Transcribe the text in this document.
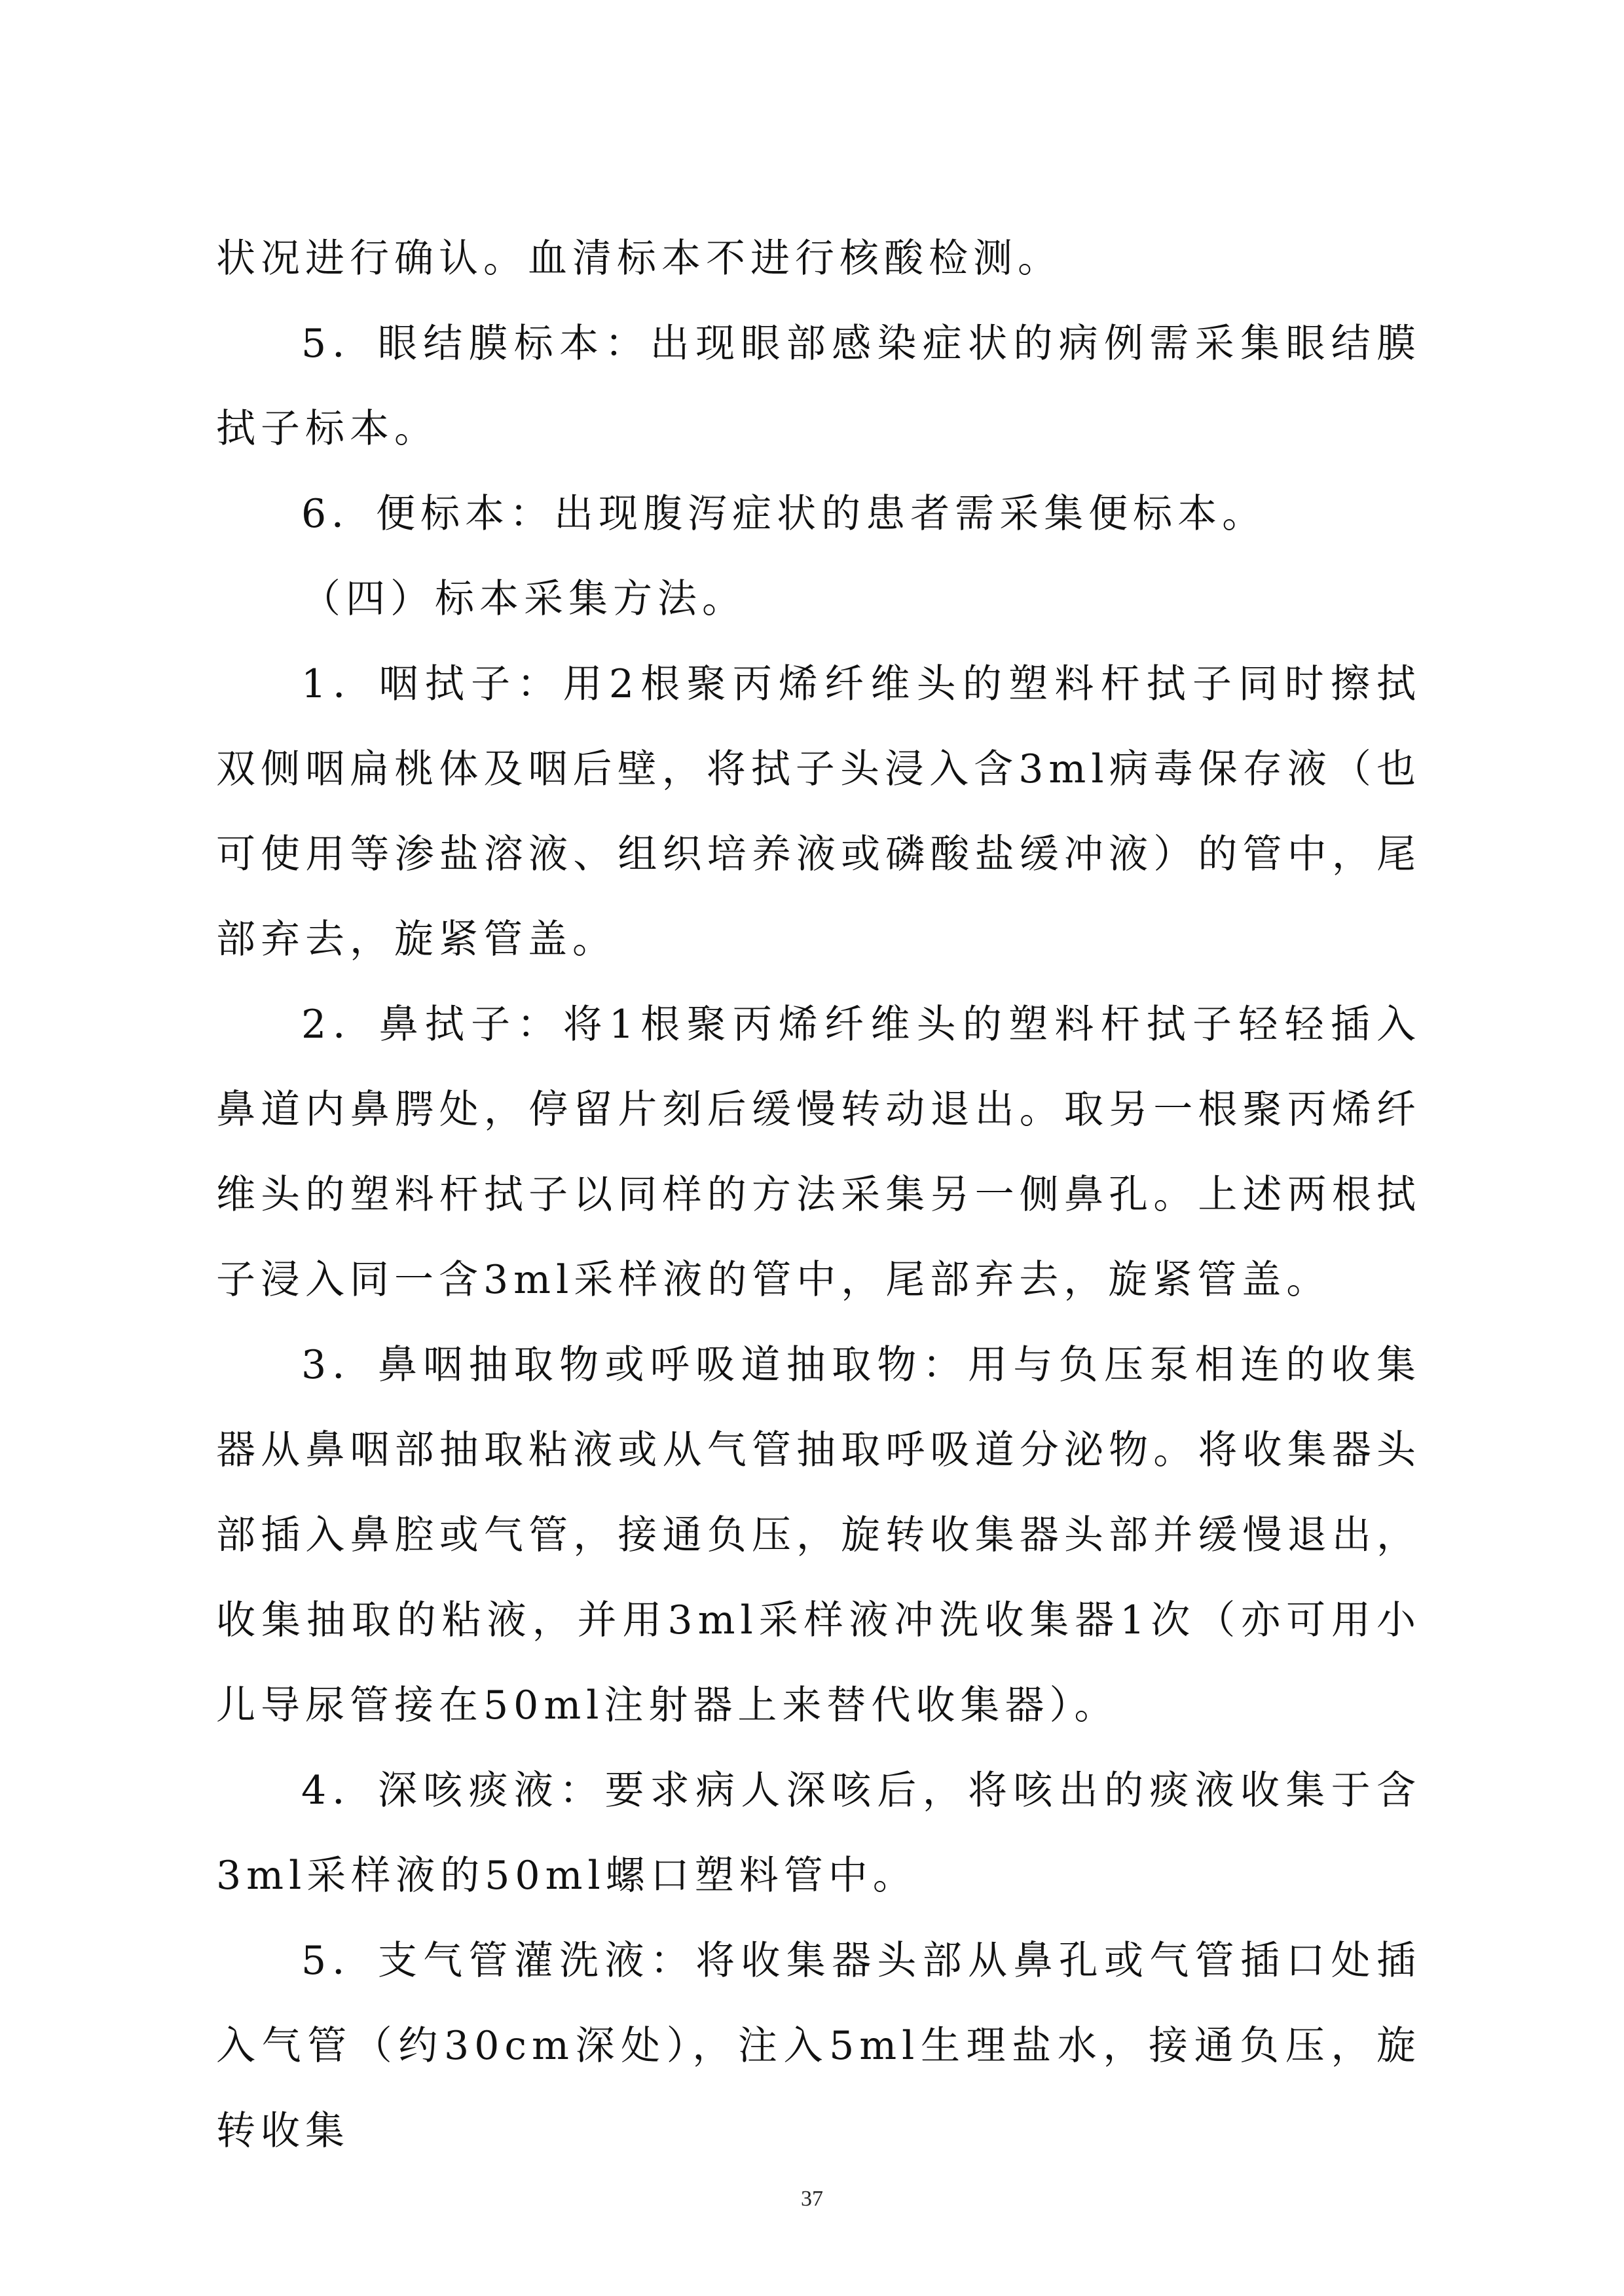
状况进行确认。血清标本不进行核酸检测。

5．眼结膜标本：出现眼部感染症状的病例需采集眼结膜拭子标本。

6．便标本：出现腹泻症状的患者需采集便标本。

（四）标本采集方法。

1．咽拭子：用2根聚丙烯纤维头的塑料杆拭子同时擦拭双侧咽扁桃体及咽后壁，将拭子头浸入含3ml病毒保存液（也可使用等渗盐溶液、组织培养液或磷酸盐缓冲液）的管中，尾部弃去，旋紧管盖。

2．鼻拭子：将1根聚丙烯纤维头的塑料杆拭子轻轻插入鼻道内鼻腭处，停留片刻后缓慢转动退出。取另一根聚丙烯纤维头的塑料杆拭子以同样的方法采集另一侧鼻孔。上述两根拭子浸入同一含3ml采样液的管中，尾部弃去，旋紧管盖。

3．鼻咽抽取物或呼吸道抽取物：用与负压泵相连的收集器从鼻咽部抽取粘液或从气管抽取呼吸道分泌物。将收集器头部插入鼻腔或气管，接通负压，旋转收集器头部并缓慢退出，收集抽取的粘液，并用3ml采样液冲洗收集器1次（亦可用小儿导尿管接在50ml注射器上来替代收集器）。

4．深咳痰液：要求病人深咳后，将咳出的痰液收集于含3ml采样液的50ml螺口塑料管中。

5．支气管灌洗液：将收集器头部从鼻孔或气管插口处插入气管（约30cm深处），注入5ml生理盐水，接通负压，旋转收集

37
